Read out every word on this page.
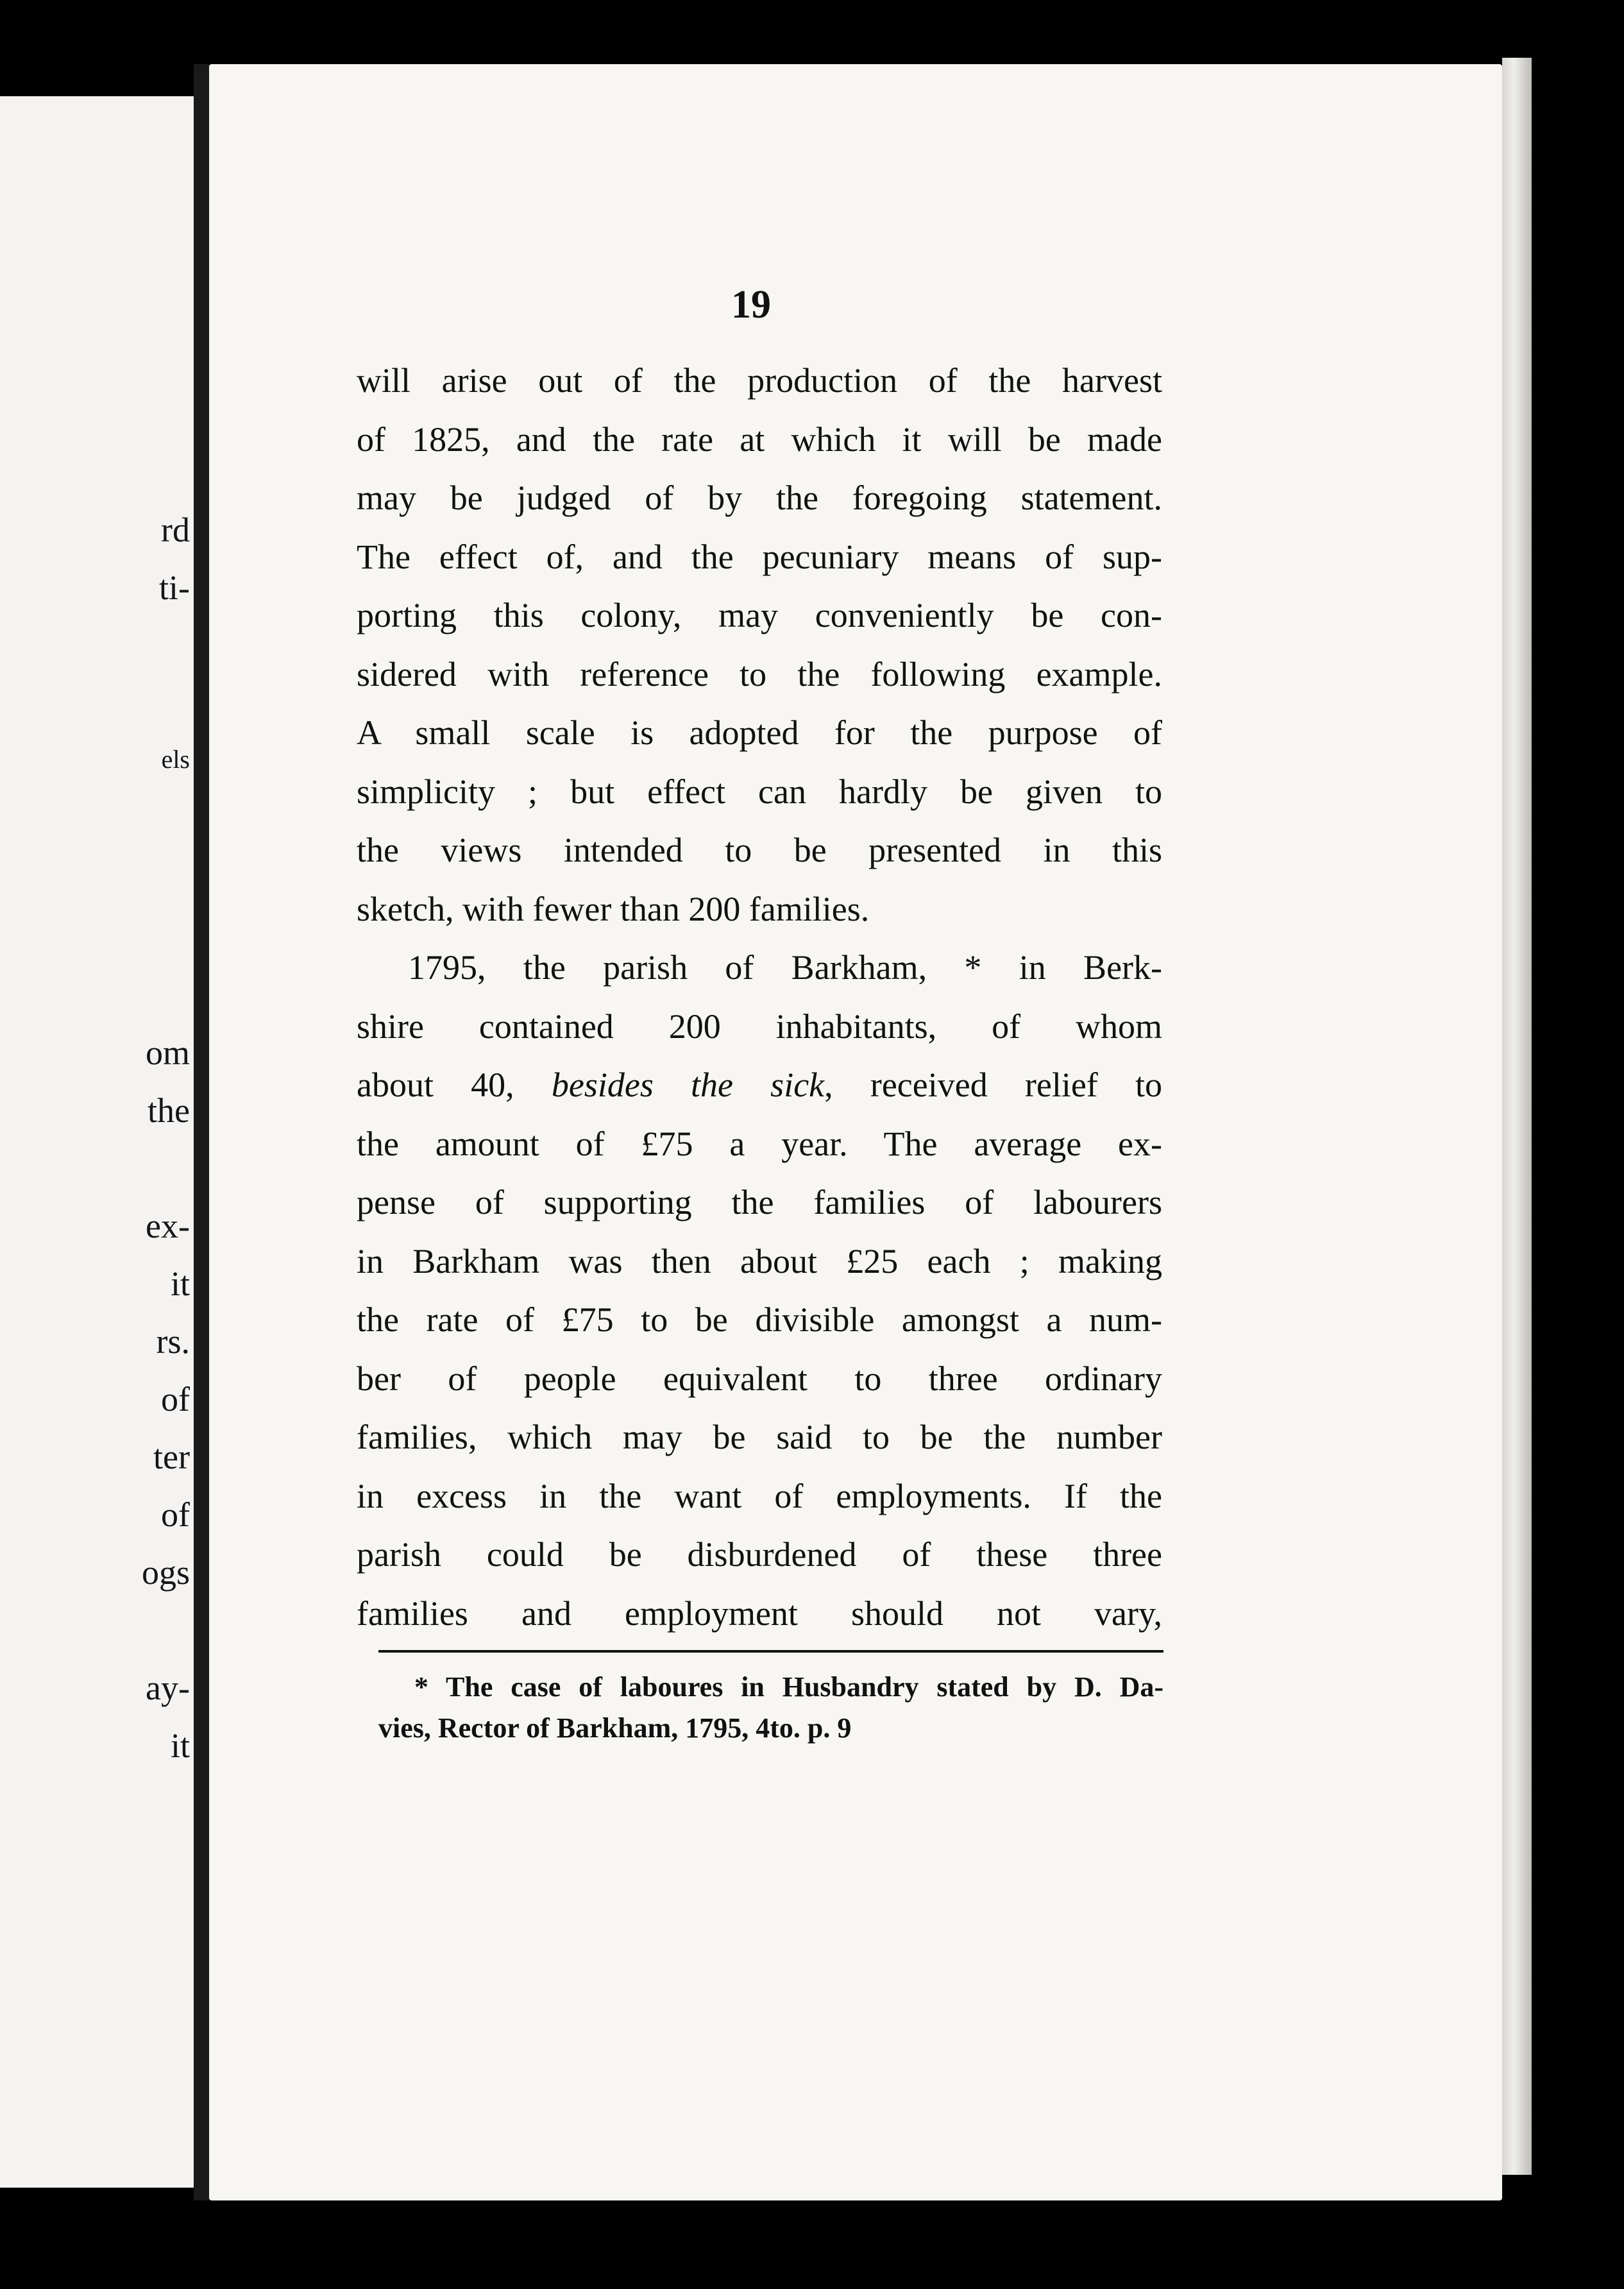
rd
ti-
els
om
the
ex-
it
rs.
of
ter
of
ogs
ay-
it
19
will arise out of the production of the harvest
of 1825, and the rate at which it will be made
may be judged of by the foregoing statement.
The effect of, and the pecuniary means of sup-
porting this colony, may conveniently be con-
sidered with reference to the following example.
A small scale is adopted for the purpose of
simplicity ; but effect can hardly be given to
the views intended to be presented in this
sketch, with fewer than 200 families.
1795, the parish of Barkham, * in Berk-
shire contained 200 inhabitants, of whom
about 40, besides the sick, received relief to
the amount of £75 a year. The average ex-
pense of supporting the families of labourers
in Barkham was then about £25 each ; making
the rate of £75 to be divisible amongst a num-
ber of people equivalent to three ordinary
families, which may be said to be the number
in excess in the want of employments. If the
parish could be disburdened of these three
families and employment should not vary,
* The case of laboures in Husbandry stated by D. Da-
vies, Rector of Barkham, 1795, 4to. p. 9
